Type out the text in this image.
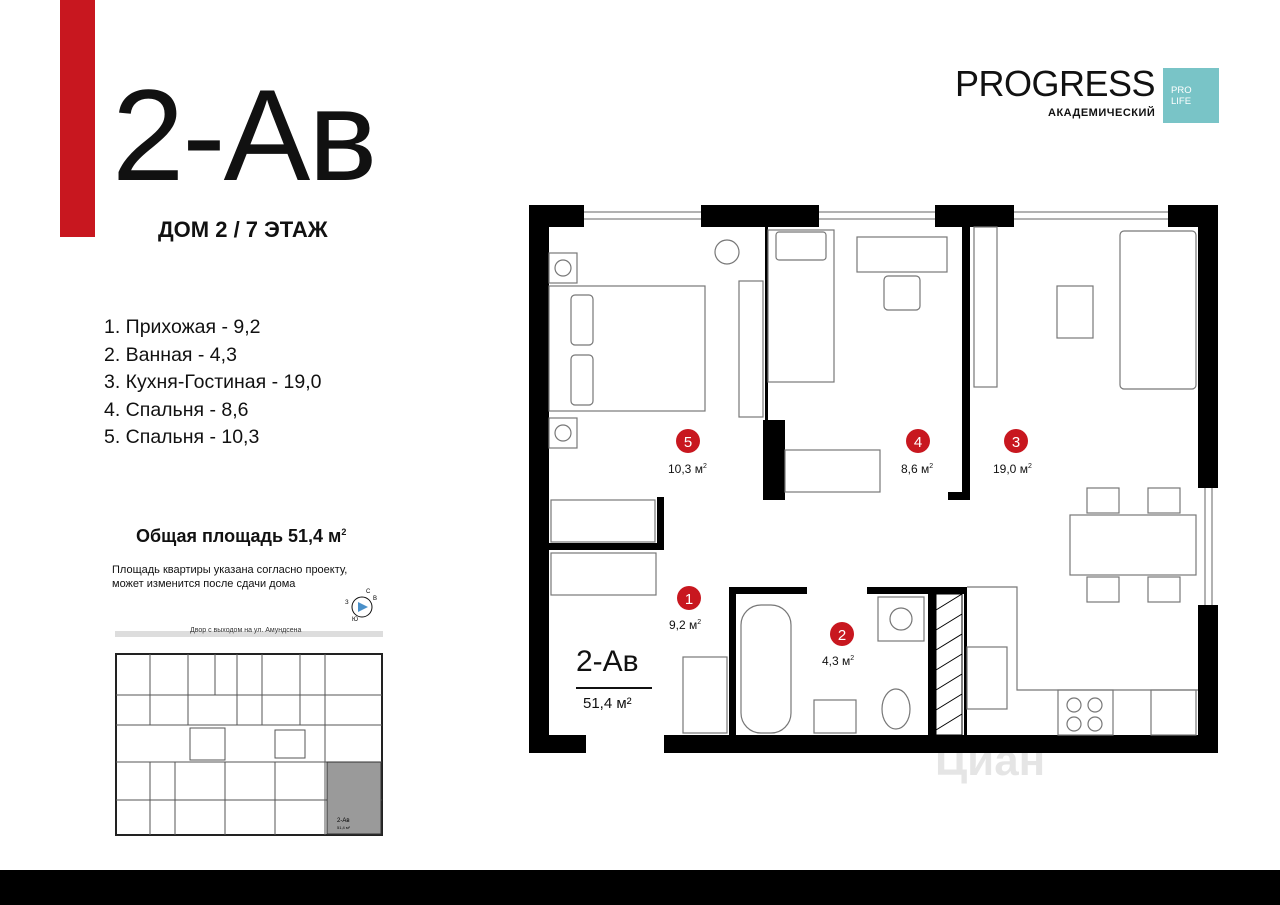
2-Ав
ДОМ 2 / 7 ЭТАЖ
1. Прихожая - 9,2
2. Ванная - 4,3
3. Кухня-Гостиная - 19,0
4. Спальня - 8,6
5. Спальня - 10,3
Общая площадь 51,4 $м^2$
Площадь квартиры указана согласно проекту, может изменится после сдачи дома
С
В
Ю
З
PROGRESS
АКАДЕМИЧЕСКИЙ
PRO
LIFE
2-Ав
51,4 м²
5	4	3
1
2
10,3 $м^2$	8,6 $м^2$	19,0 $м^2$
9,2 $м^2$
4,3 $м^2$
2-Ав
51,4 м²
Двор с выходом на ул. Амундсена
Циан
